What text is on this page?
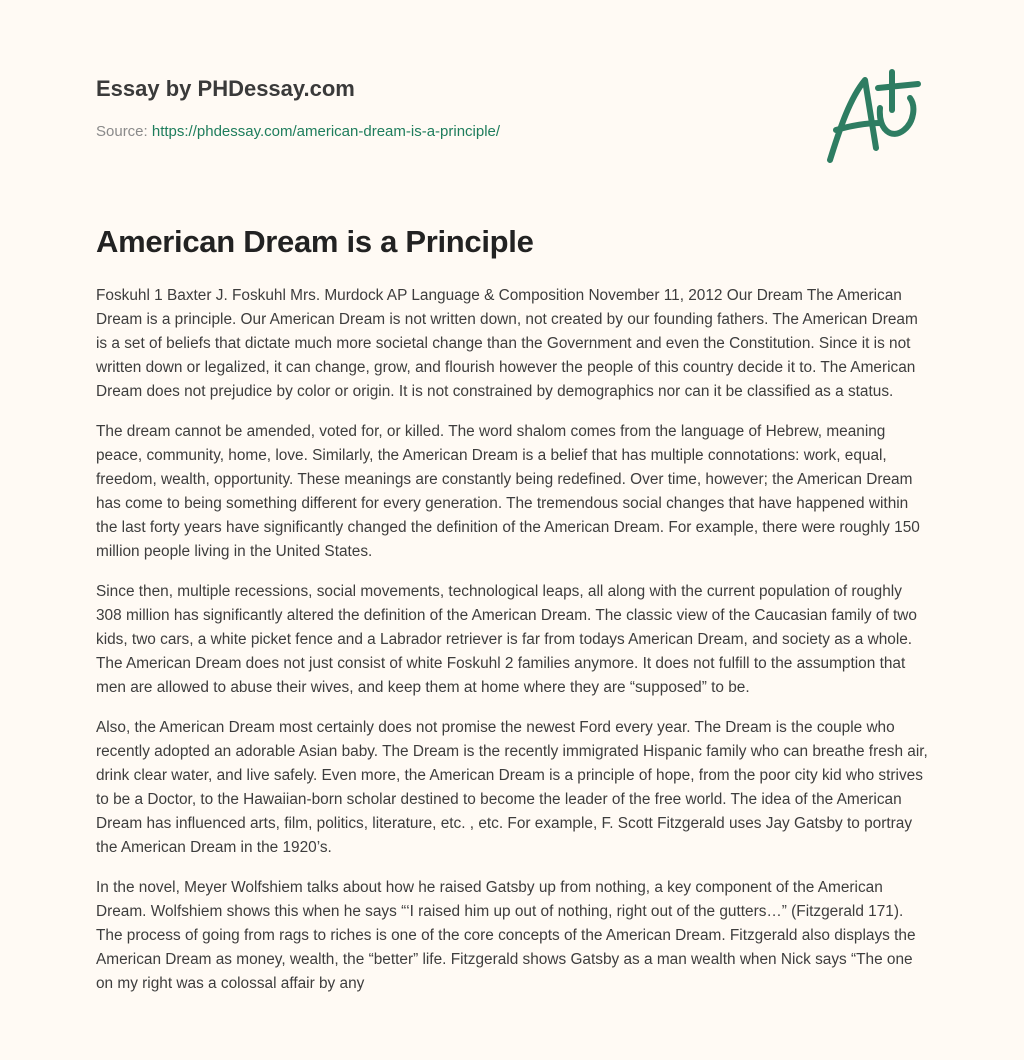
Essay by PHDessay.com
Source: https://phdessay.com/american-dream-is-a-principle/
American Dream is a Principle

Foskuhl 1 Baxter J. Foskuhl Mrs. Murdock AP Language & Composition November 11, 2012 Our Dream The American Dream is a principle. Our American Dream is not written down, not created by our founding fathers. The American Dream is a set of beliefs that dictate much more societal change than the Government and even the Constitution. Since it is not written down or legalized, it can change, grow, and flourish however the people of this country decide it to. The American Dream does not prejudice by color or origin. It is not constrained by demographics nor can it be classified as a status.

The dream cannot be amended, voted for, or killed. The word shalom comes from the language of Hebrew, meaning peace, community, home, love. Similarly, the American Dream is a belief that has multiple connotations: work, equal, freedom, wealth, opportunity. These meanings are constantly being redefined. Over time, however; the American Dream has come to being something different for every generation. The tremendous social changes that have happened within the last forty years have significantly changed the definition of the American Dream. For example, there were roughly 150 million people living in the United States.

Since then, multiple recessions, social movements, technological leaps, all along with the current population of roughly 308 million has significantly altered the definition of the American Dream. The classic view of the Caucasian family of two kids, two cars, a white picket fence and a Labrador retriever is far from todays American Dream, and society as a whole. The American Dream does not just consist of white Foskuhl 2 families anymore. It does not fulfill to the assumption that men are allowed to abuse their wives, and keep them at home where they are “supposed” to be.

Also, the American Dream most certainly does not promise the newest Ford every year. The Dream is the couple who recently adopted an adorable Asian baby. The Dream is the recently immigrated Hispanic family who can breathe fresh air, drink clear water, and live safely. Even more, the American Dream is a principle of hope, from the poor city kid who strives to be a Doctor, to the Hawaiian-born scholar destined to become the leader of the free world. The idea of the American Dream has influenced arts, film, politics, literature, etc. , etc. For example, F. Scott Fitzgerald uses Jay Gatsby to portray the American Dream in the 1920’s.

In the novel, Meyer Wolfshiem talks about how he raised Gatsby up from nothing, a key component of the American Dream. Wolfshiem shows this when he says “‘I raised him up out of nothing, right out of the gutters…” (Fitzgerald 171). The process of going from rags to riches is one of the core concepts of the American Dream. Fitzgerald also displays the American Dream as money, wealth, the “better” life. Fitzgerald shows Gatsby as a man wealth when Nick says “The one on my right was a colossal affair by any
